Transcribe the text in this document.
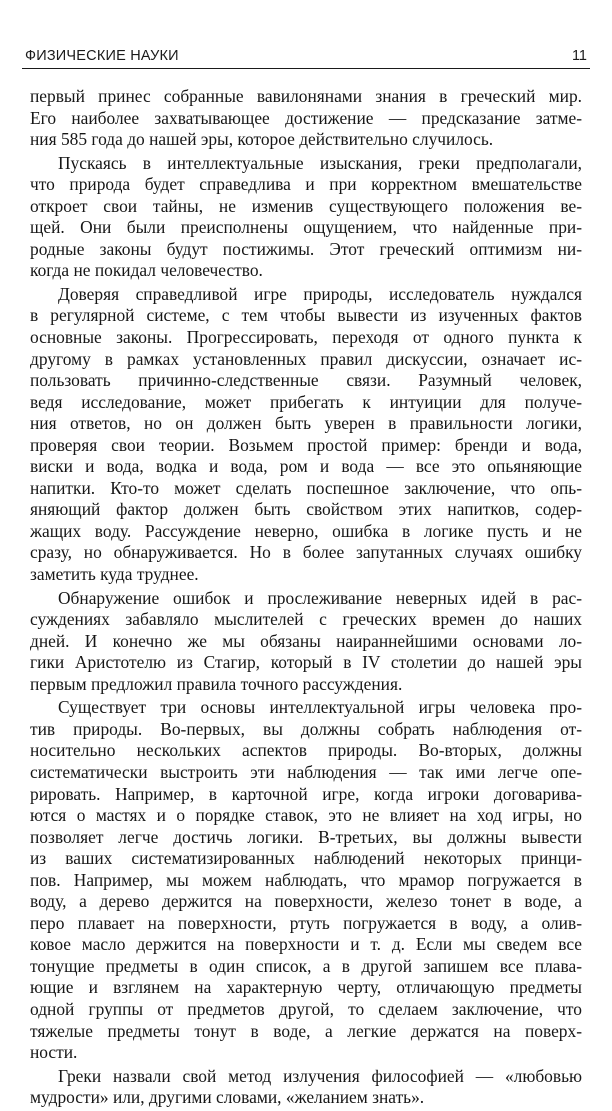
ФИЗИЧЕСКИЕ НАУКИ	11

первый принес собранные вавилонянами знания в греческий мир.
Его наиболее захватывающее достижение — предсказание затме-
ния 585 года до нашей эры, которое действительно случилось.

Пускаясь в интеллектуальные изыскания, греки предполагали,
что природа будет справедлива и при корректном вмешательстве
откроет свои тайны, не изменив существующего положения ве-
щей. Они были преисполнены ощущением, что найденные при-
родные законы будут постижимы. Этот греческий оптимизм ни-
когда не покидал человечество.

Доверяя справедливой игре природы, исследователь нуждался
в регулярной системе, с тем чтобы вывести из изученных фактов
основные законы. Прогрессировать, переходя от одного пункта к
другому в рамках установленных правил дискуссии, означает ис-
пользовать причинно-следственные связи. Разумный человек,
ведя исследование, может прибегать к интуиции для получе-
ния ответов, но он должен быть уверен в правильности логики,
проверяя свои теории. Возьмем простой пример: бренди и вода,
виски и вода, водка и вода, ром и вода — все это опьяняющие
напитки. Кто-то может сделать поспешное заключение, что опь-
яняющий фактор должен быть свойством этих напитков, содер-
жащих воду. Рассуждение неверно, ошибка в логике пусть и не
сразу, но обнаруживается. Но в более запутанных случаях ошибку
заметить куда труднее.

Обнаружение ошибок и прослеживание неверных идей в рас-
суждениях забавляло мыслителей с греческих времен до наших
дней. И конечно же мы обязаны наираннейшими основами ло-
гики Аристотелю из Стагир, который в IV столетии до нашей эры
первым предложил правила точного рассуждения.

Существует три основы интеллектуальной игры человека про-
тив природы. Во-первых, вы должны собрать наблюдения от-
носительно нескольких аспектов природы. Во-вторых, должны
систематически выстроить эти наблюдения — так ими легче опе-
рировать. Например, в карточной игре, когда игроки договарива-
ются о мастях и о порядке ставок, это не влияет на ход игры, но
позволяет легче достичь логики. В-третьих, вы должны вывести
из ваших систематизированных наблюдений некоторых принци-
пов. Например, мы можем наблюдать, что мрамор погружается в
воду, а дерево держится на поверхности, железо тонет в воде, а
перо плавает на поверхности, ртуть погружается в воду, а олив-
ковое масло держится на поверхности и т. д. Если мы сведем все
тонущие предметы в один список, а в другой запишем все плава-
ющие и взглянем на характерную черту, отличающую предметы
одной группы от предметов другой, то сделаем заключение, что
тяжелые предметы тонут в воде, а легкие держатся на поверх-
ности.

Греки назвали свой метод излучения философией — «любовью
мудрости» или, другими словами, «желанием знать».
